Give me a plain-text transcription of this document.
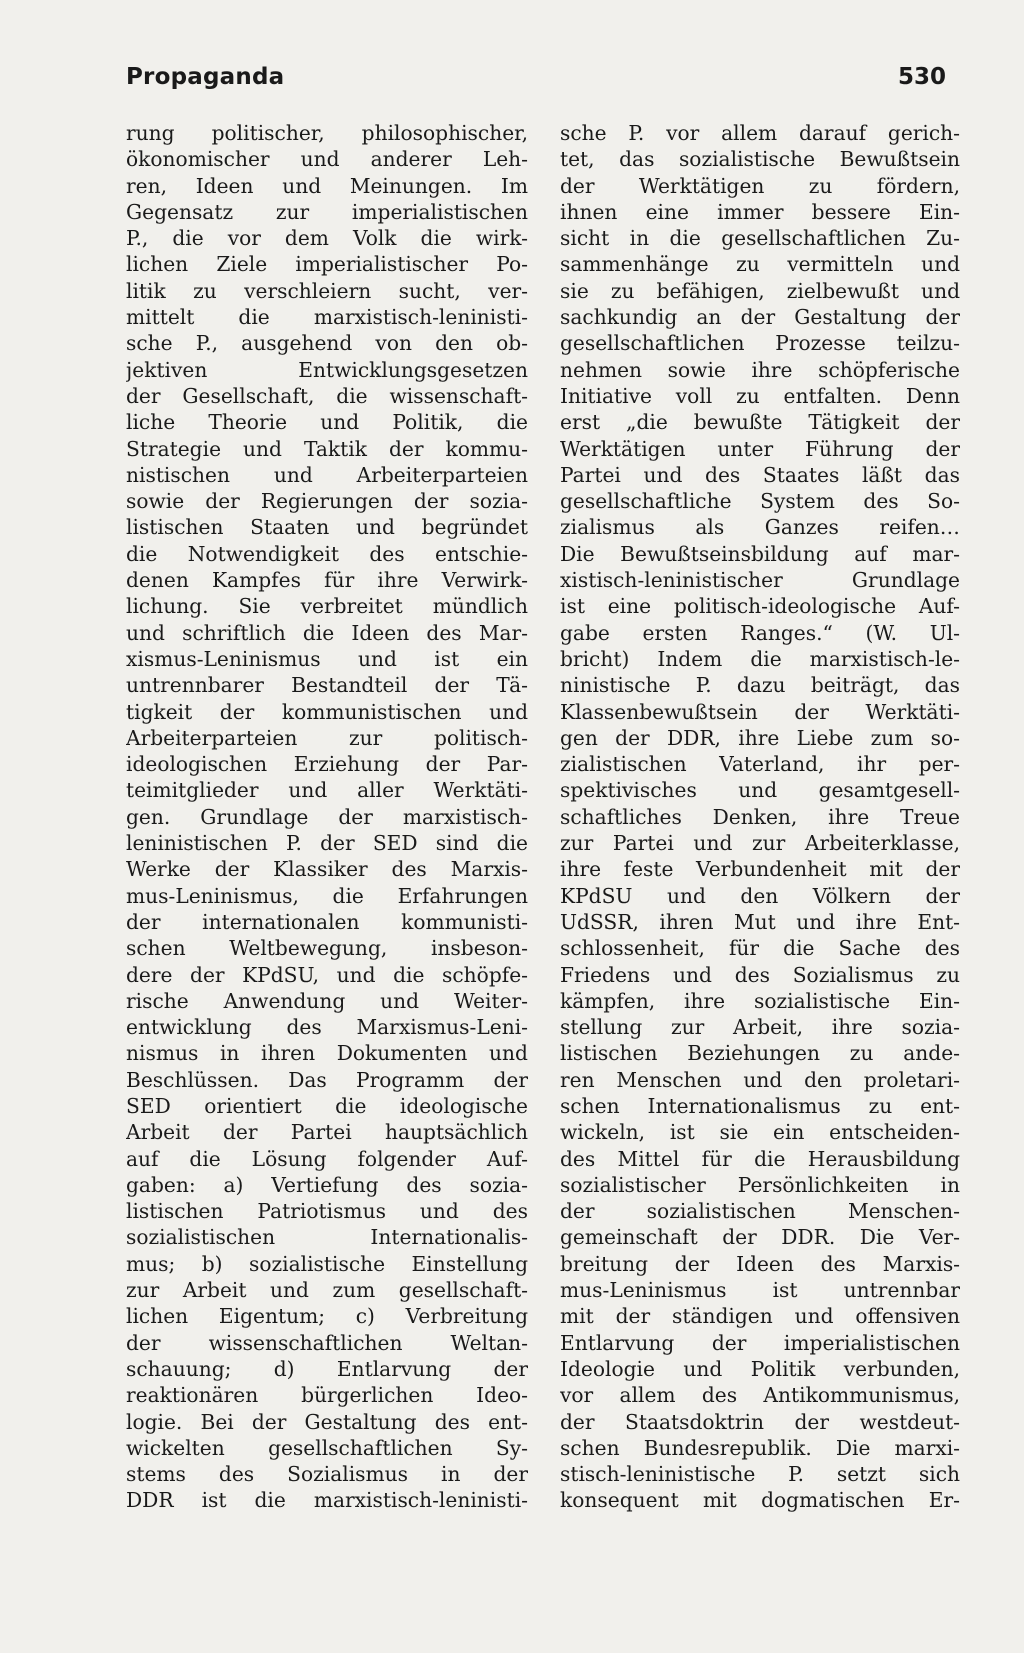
Propaganda	530
rung politischer, philosophischer,
ökonomischer und anderer Leh-
ren, Ideen und Meinungen. Im
Gegensatz zur imperialistischen
P., die vor dem Volk die wirk-
lichen Ziele imperialistischer Po-
litik zu verschleiern sucht, ver-
mittelt die marxistisch-leninisti-
sche P., ausgehend von den ob-
jektiven Entwicklungsgesetzen
der Gesellschaft, die wissenschaft-
liche Theorie und Politik, die
Strategie und Taktik der kommu-
nistischen und Arbeiterparteien
sowie der Regierungen der sozia-
listischen Staaten und begründet
die Notwendigkeit des entschie-
denen Kampfes für ihre Verwirk-
lichung. Sie verbreitet mündlich
und schriftlich die Ideen des Mar-
xismus-Leninismus und ist ein
untrennbarer Bestandteil der Tä-
tigkeit der kommunistischen und
Arbeiterparteien zur politisch-
ideologischen Erziehung der Par-
teimitglieder und aller Werktäti-
gen. Grundlage der marxistisch-
leninistischen P. der SED sind die
Werke der Klassiker des Marxis-
mus-Leninismus, die Erfahrungen
der internationalen kommunisti-
schen Weltbewegung, insbeson-
dere der KPdSU, und die schöpfe-
rische Anwendung und Weiter-
entwicklung des Marxismus-Leni-
nismus in ihren Dokumenten und
Beschlüssen. Das Programm der
SED orientiert die ideologische
Arbeit der Partei hauptsächlich
auf die Lösung folgender Auf-
gaben: a) Vertiefung des sozia-
listischen Patriotismus und des
sozialistischen Internationalis-
mus; b) sozialistische Einstellung
zur Arbeit und zum gesellschaft-
lichen Eigentum; c) Verbreitung
der wissenschaftlichen Weltan-
schauung; d) Entlarvung der
reaktionären bürgerlichen Ideo-
logie. Bei der Gestaltung des ent-
wickelten gesellschaftlichen Sy-
stems des Sozialismus in der
DDR ist die marxistisch-leninisti-
sche P. vor allem darauf gerich-
tet, das sozialistische Bewußtsein
der Werktätigen zu fördern,
ihnen eine immer bessere Ein-
sicht in die gesellschaftlichen Zu-
sammenhänge zu vermitteln und
sie zu befähigen, zielbewußt und
sachkundig an der Gestaltung der
gesellschaftlichen Prozesse teilzu-
nehmen sowie ihre schöpferische
Initiative voll zu entfalten. Denn
erst „die bewußte Tätigkeit der
Werktätigen unter Führung der
Partei und des Staates läßt das
gesellschaftliche System des So-
zialismus als Ganzes reifen…
Die Bewußtseinsbildung auf mar-
xistisch-leninistischer Grundlage
ist eine politisch-ideologische Auf-
gabe ersten Ranges.“ (W. Ul-
bricht) Indem die marxistisch-le-
ninistische P. dazu beiträgt, das
Klassenbewußtsein der Werktäti-
gen der DDR, ihre Liebe zum so-
zialistischen Vaterland, ihr per-
spektivisches und gesamtgesell-
schaftliches Denken, ihre Treue
zur Partei und zur Arbeiterklasse,
ihre feste Verbundenheit mit der
KPdSU und den Völkern der
UdSSR, ihren Mut und ihre Ent-
schlossenheit, für die Sache des
Friedens und des Sozialismus zu
kämpfen, ihre sozialistische Ein-
stellung zur Arbeit, ihre sozia-
listischen Beziehungen zu ande-
ren Menschen und den proletari-
schen Internationalismus zu ent-
wickeln, ist sie ein entscheiden-
des Mittel für die Herausbildung
sozialistischer Persönlichkeiten in
der sozialistischen Menschen-
gemeinschaft der DDR. Die Ver-
breitung der Ideen des Marxis-
mus-Leninismus ist untrennbar
mit der ständigen und offensiven
Entlarvung der imperialistischen
Ideologie und Politik verbunden,
vor allem des Antikommunismus,
der Staatsdoktrin der westdeut-
schen Bundesrepublik. Die marxi-
stisch-leninistische P. setzt sich
konsequent mit dogmatischen Er-
